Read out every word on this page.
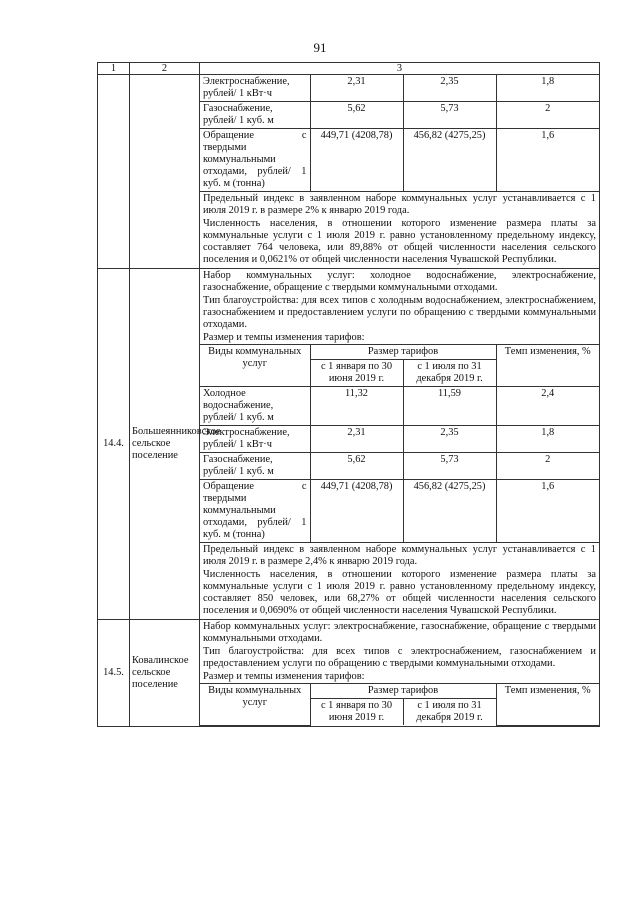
91
1	2	3

Электроснабжение, рублей/ 1 кВт·ч	2,31	2,35	1,8
Газоснабжение, рублей/ 1 куб. м	5,62	5,73	2
Обращение с твердыми коммунальными отходами, рублей/ 1 куб. м (тонна)	449,71 (4208,78)	456,82 (4275,25)	1,6
Предельный индекс в заявленном наборе коммунальных услуг устанавливается с 1 июля 2019 г. в размере 2% к январю 2019 года.
Численность населения, в отношении которого изменение размера платы за коммунальные услуги с 1 июля 2019 г. равно установленному предельному индексу, составляет 764 человека, или 89,88% от общей численности населения сельского поселения и 0,0621% от общей численности населения Чувашской Республики.

14.4.	Большеянниковское сельское поселение	
Набор коммунальных услуг: холодное водоснабжение, электроснабжение, газоснабжение, обращение с твердыми коммунальными отходами.
Тип благоустройства: для всех типов с холодным водоснабжением, электроснабжением, газоснабжением и предоставлением услуги по обращению с твердыми коммунальными отходами.
Размер и темпы изменения тарифов:
Виды коммунальных услуг	Размер тарифов	Темп изменения, %
с 1 января по 30 июня 2019 г.	с 1 июля по 31 декабря 2019 г.
Холодное водоснабжение, рублей/ 1 куб. м	11,32	11,59	2,4
Электроснабжение, рублей/ 1 кВт·ч	2,31	2,35	1,8
Газоснабжение, рублей/ 1 куб. м	5,62	5,73	2
Обращение с твердыми коммунальными отходами, рублей/ 1 куб. м (тонна)	449,71 (4208,78)	456,82 (4275,25)	1,6
Предельный индекс в заявленном наборе коммунальных услуг устанавливается с 1 июля 2019 г. в размере 2,4% к январю 2019 года.
Численность населения, в отношении которого изменение размера платы за коммунальные услуги с 1 июля 2019 г. равно установленному предельному индексу, составляет 850 человек, или 68,27% от общей численности населения сельского поселения и 0,0690% от общей численности населения Чувашской Республики.

14.5.	Ковалинское сельское поселение	
Набор коммунальных услуг: электроснабжение, газоснабжение, обращение с твердыми коммунальными отходами.
Тип благоустройства: для всех типов с электроснабжением, газоснабжением и предоставлением услуги по обращению с твердыми коммунальными отходами.
Размер и темпы изменения тарифов:
Виды коммунальных услуг	Размер тарифов	Темп изменения, %
с 1 января по 30 июня 2019 г.	с 1 июля по 31 декабря 2019 г.
